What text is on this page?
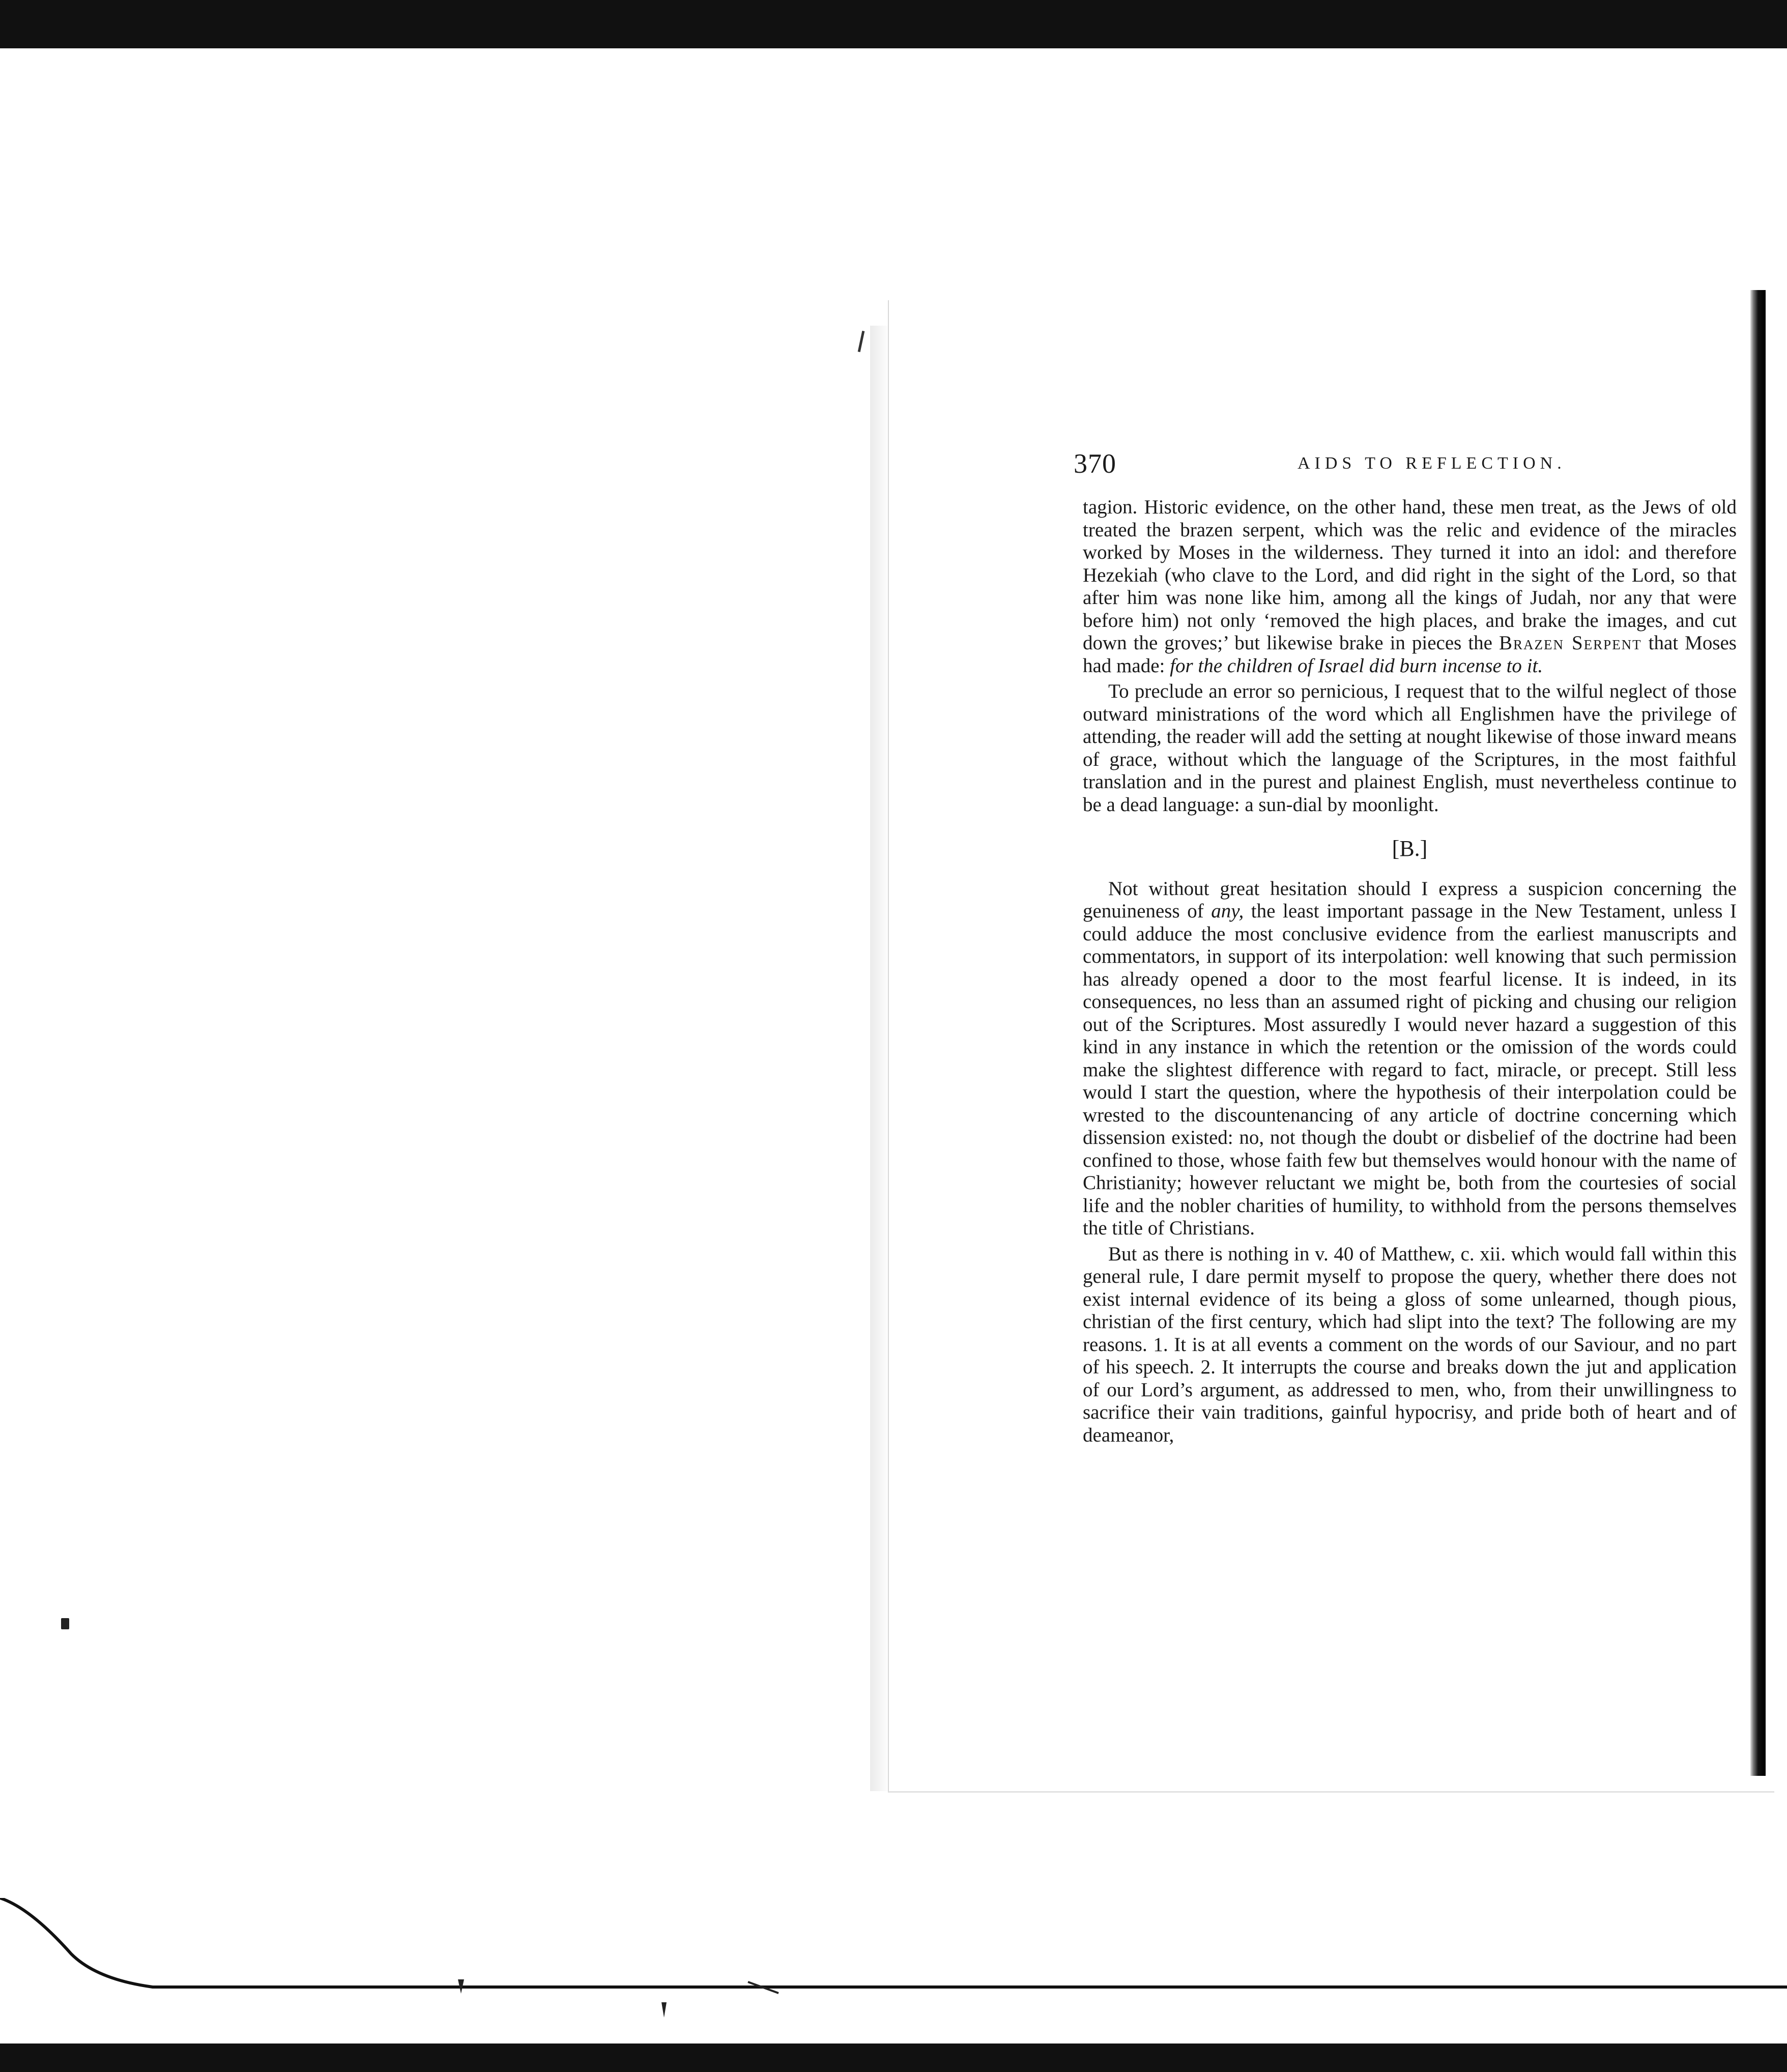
370	AIDS TO REFLECTION.

tagion. Historic evidence, on the other hand, these men treat, as the Jews of old treated the brazen serpent, which was the relic and evidence of the miracles worked by Moses in the wilderness. They turned it into an idol: and therefore Hezekiah (who clave to the Lord, and did right in the sight of the Lord, so that after him was none like him, among all the kings of Judah, nor any that were before him) not only ‘removed the high places, and brake the images, and cut down the groves;’ but likewise brake in pieces the Brazen Serpent that Moses had made: for the children of Israel did burn incense to it.

To preclude an error so pernicious, I request that to the wilful neglect of those outward ministrations of the word which all Englishmen have the privilege of attending, the reader will add the setting at nought likewise of those inward means of grace, without which the language of the Scriptures, in the most faithful translation and in the purest and plainest English, must nevertheless continue to be a dead language: a sun-dial by moonlight.

[B.]

Not without great hesitation should I express a suspicion concerning the genuineness of any, the least important passage in the New Testament, unless I could adduce the most conclusive evidence from the earliest manuscripts and commentators, in support of its interpolation: well knowing that such permission has already opened a door to the most fearful license. It is indeed, in its consequences, no less than an assumed right of picking and chusing our religion out of the Scriptures. Most assuredly I would never hazard a suggestion of this kind in any instance in which the retention or the omission of the words could make the slightest difference with regard to fact, miracle, or precept. Still less would I start the question, where the hypothesis of their interpolation could be wrested to the discountenancing of any article of doctrine concerning which dissension existed: no, not though the doubt or disbelief of the doctrine had been confined to those, whose faith few but themselves would honour with the name of Christianity; however reluctant we might be, both from the courtesies of social life and the nobler charities of humility, to withhold from the persons themselves the title of Christians.

But as there is nothing in v. 40 of Matthew, c. xii. which would fall within this general rule, I dare permit myself to propose the query, whether there does not exist internal evidence of its being a gloss of some unlearned, though pious, christian of the first century, which had slipt into the text? The following are my reasons. 1. It is at all events a comment on the words of our Saviour, and no part of his speech. 2. It interrupts the course and breaks down the jut and application of our Lord’s argument, as addressed to men, who, from their unwillingness to sacrifice their vain traditions, gainful hypocrisy, and pride both of heart and of deameanor,
